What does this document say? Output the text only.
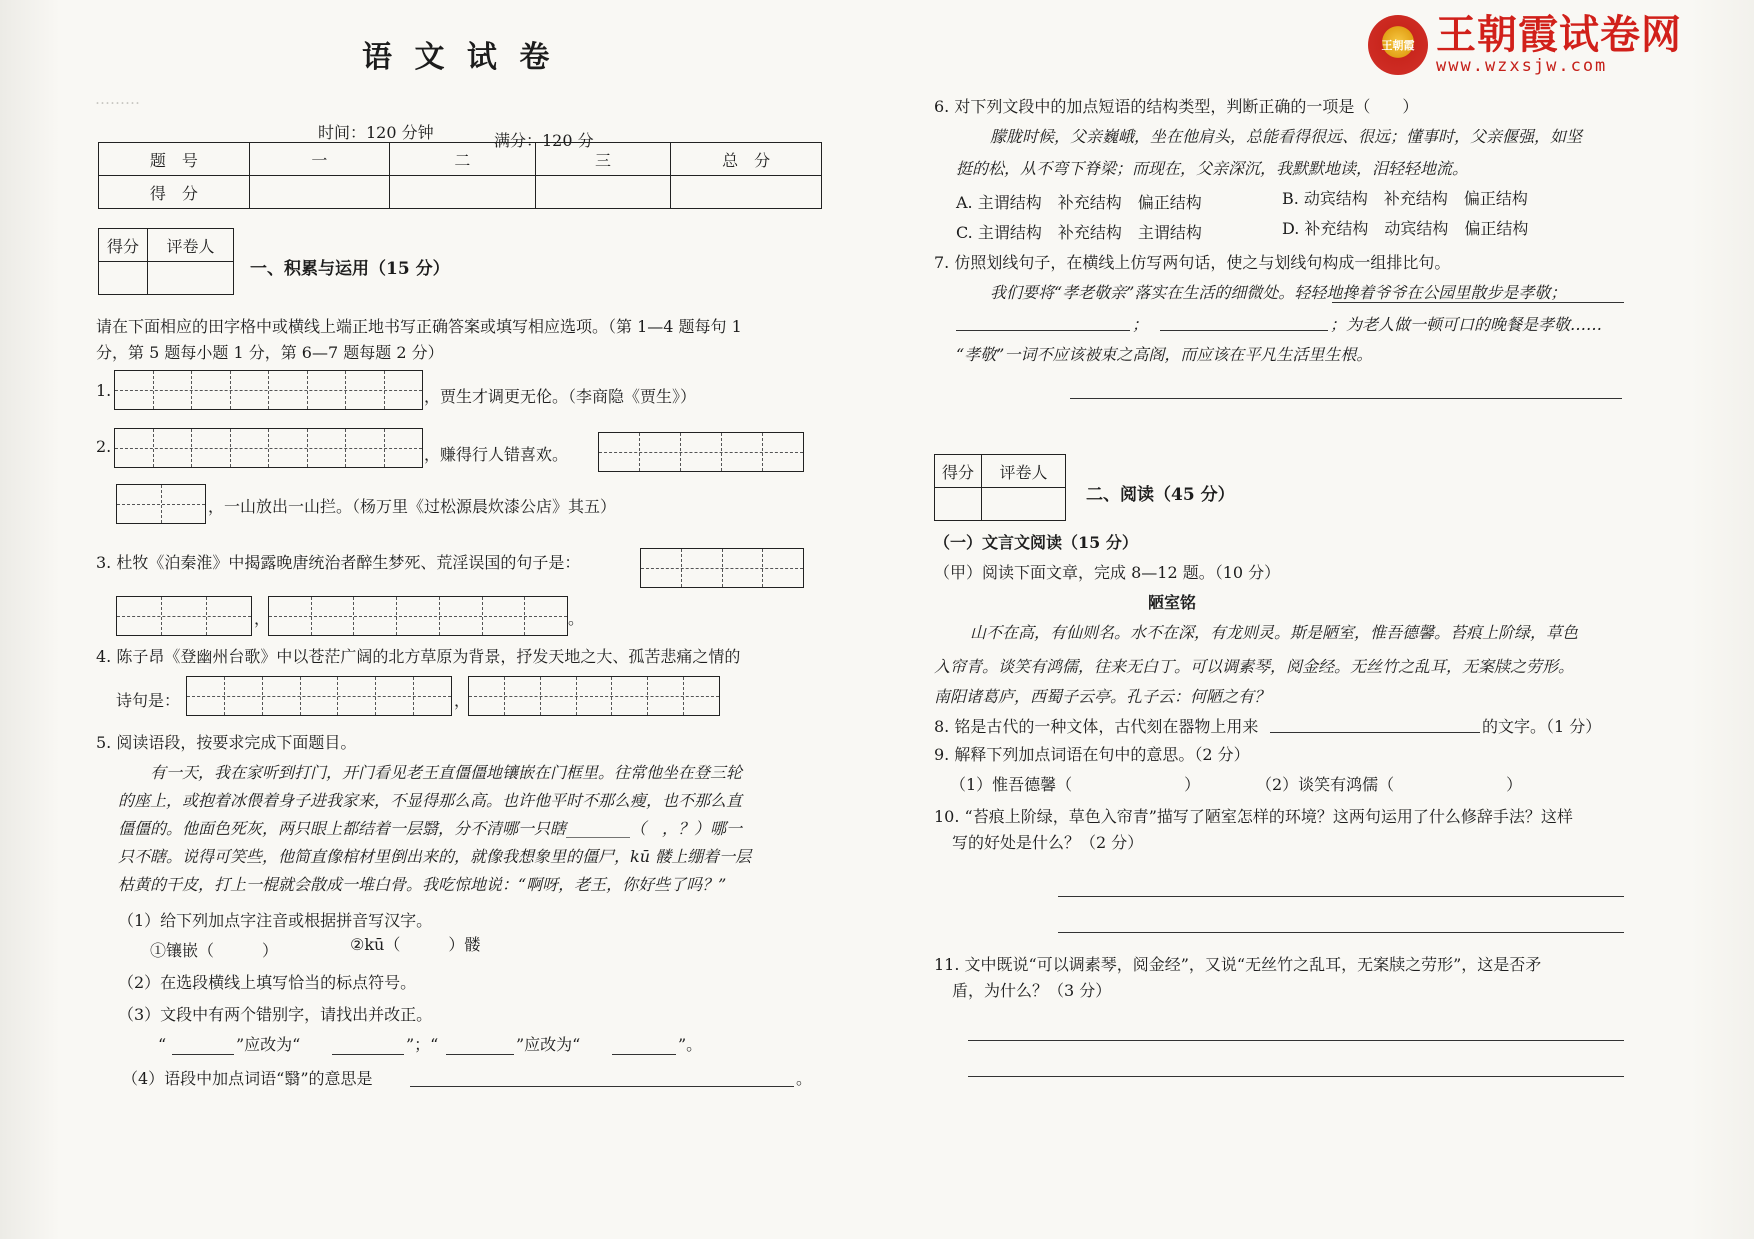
………
王朝霞 王朝霞试卷网
www.wzxsjw.com
语 文 试 卷
时间：120 分钟	满分：120 分
题　号	一	二	三	总　分
得　分				
得分	评卷人

一、积累与运用（15 分）
请在下面相应的田字格中或横线上端正地书写正确答案或填写相应选项。（第 1—4 题每句 1
分，第 5 题每小题 1 分，第 6—7 题每题 2 分）
1.	，贾生才调更无伦。（李商隐《贾生》）
2.	，赚得行人错喜欢。
，一山放出一山拦。（杨万里《过松源晨炊漆公店》其五）
3. 杜牧《泊秦淮》中揭露晚唐统治者醉生梦死、荒淫误国的句子是：
，	。
4. 陈子昂《登幽州台歌》中以苍茫广阔的北方草原为背景，抒发天地之大、孤苦悲痛之情的
诗句是：	，
5. 阅读语段，按要求完成下面题目。
有一天，我在家听到打门，开门看见老王直僵僵地镶嵌在门框里。往常他坐在登三轮
的座上，或抱着冰偎着身子进我家来，不显得那么高。也许他平时不那么瘦，也不那么直
僵僵的。他面色死灰，两只眼上都结着一层翳，分不清哪一只瞎________（　，？）哪一
只不瞎。说得可笑些，他简直像棺材里倒出来的，就像我想象里的僵尸，kū 髅上绷着一层
枯黄的干皮，打上一棍就会散成一堆白骨。我吃惊地说：“啊呀，老王，你好些了吗？”
（1）给下列加点字注音或根据拼音写汉字。
①镶嵌（　　　）	②kū（　　　）髅
（2）在选段横线上填写恰当的标点符号。
（3）文段中有两个错别字，请找出并改正。
“	”应改为“	”；“	”应改为“	”。
（4）语段中加点词语“翳”的意思是	。
6. 对下列文段中的加点短语的结构类型，判断正确的一项是（　　）
朦胧时候，父亲巍峨，坐在他肩头，总能看得很远、很远；懂事时，父亲偃强，如坚
挺的松，从不弯下脊梁；而现在，父亲深沉，我默默地读，泪轻轻地流。
A. 主谓结构　补充结构　偏正结构	B. 动宾结构　补充结构　偏正结构
C. 主谓结构　补充结构　主谓结构	D. 补充结构　动宾结构　偏正结构
7. 仿照划线句子，在横线上仿写两句话，使之与划线句构成一组排比句。
我们要将“孝老敬亲”落实在生活的细微处。轻轻地搀着爷爷在公园里散步是孝敬；
；	；为老人做一顿可口的晚餐是孝敬……
“孝敬”一词不应该被束之高阁，而应该在平凡生活里生根。
得分	评卷人

二、阅读（45 分）
（一）文言文阅读（15 分）
（甲）阅读下面文章，完成 8—12 题。（10 分）
陋室铭
山不在高，有仙则名。水不在深，有龙则灵。斯是陋室，惟吾德馨。苔痕上阶绿，草色
入帘青。谈笑有鸿儒，往来无白丁。可以调素琴，阅金经。无丝竹之乱耳，无案牍之劳形。
南阳诸葛庐，西蜀子云亭。孔子云：何陋之有？
8. 铭是古代的一种文体，古代刻在器物上用来	的文字。（1 分）
9. 解释下列加点词语在句中的意思。（2 分）
（1）惟吾德馨（　　　　　　　）	（2）谈笑有鸿儒（　　　　　　　）
10. “苔痕上阶绿，草色入帘青”描写了陋室怎样的环境？这两句运用了什么修辞手法？这样
写的好处是什么？（2 分）
11. 文中既说“可以调素琴，阅金经”，又说“无丝竹之乱耳，无案牍之劳形”，这是否矛
盾，为什么？（3 分）
